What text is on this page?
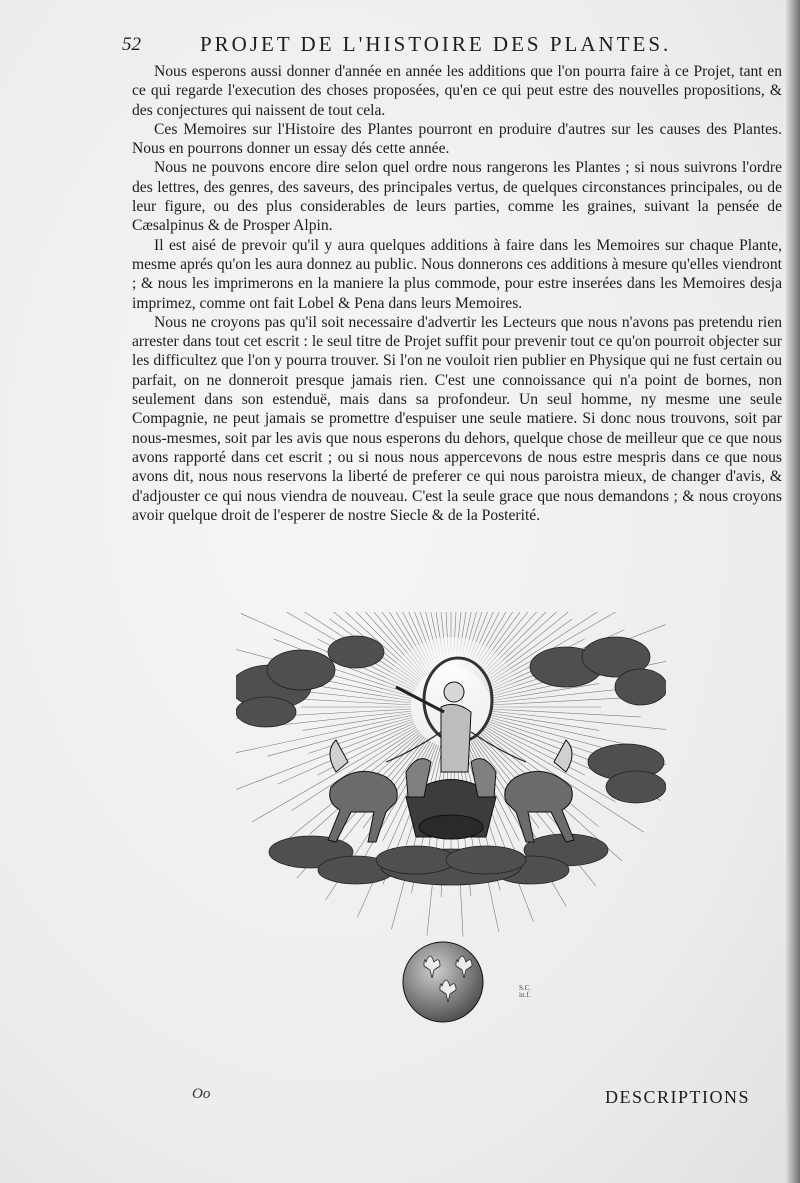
52	PROJET DE L'HISTOIRE DES PLANTES.

Nous esperons aussi donner d'année en année les additions que l'on pourra faire à ce Projet, tant en ce qui regarde l'execution des choses proposées, qu'en ce qui peut estre des nouvelles propositions, & des conjectures qui naissent de tout cela.

Ces Memoires sur l'Histoire des Plantes pourront en produire d'autres sur les causes des Plantes. Nous en pourrons donner un essay dés cette année.

Nous ne pouvons encore dire selon quel ordre nous rangerons les Plantes ; si nous suivrons l'ordre des lettres, des genres, des saveurs, des principales vertus, de quelques circonstances principales, ou de leur figure, ou des plus considerables de leurs parties, comme les graines, suivant la pensée de Cæsalpinus & de Prosper Alpin.

Il est aisé de prevoir qu'il y aura quelques additions à faire dans les Memoires sur chaque Plante, mesme aprés qu'on les aura donnez au public. Nous donnerons ces additions à mesure qu'elles viendront ; & nous les imprimerons en la maniere la plus commode, pour estre inserées dans les Memoires desja imprimez, comme ont fait Lobel & Pena dans leurs Memoires.

Nous ne croyons pas qu'il soit necessaire d'advertir les Lecteurs que nous n'avons pas pretendu rien arrester dans tout cet escrit : le seul titre de Projet suffit pour prevenir tout ce qu'on pourroit objecter sur les difficultez que l'on y pourra trouver. Si l'on ne vouloit rien publier en Physique qui ne fust certain ou parfait, on ne donneroit presque jamais rien. C'est une connoissance qui n'a point de bornes, non seulement dans son estenduë, mais dans sa profondeur. Un seul homme, ny mesme une seule Compagnie, ne peut jamais se promettre d'espuiser une seule matiere. Si donc nous trouvons, soit par nous-mesmes, soit par les avis que nous esperons du dehors, quelque chose de meilleur que ce que nous avons rapporté dans cet escrit ; ou si nous nous appercevons de nous estre mespris dans ce que nous avons dit, nous nous reservons la liberté de preferer ce qui nous paroistra mieux, de changer d'avis, & d'adjouster ce qui nous viendra de nouveau. C'est la seule grace que nous demandons ; & nous croyons avoir quelque droit de l'esperer de nostre Siecle & de la Posterité.

S.C.
in.f.
Oo	DESCRIPTIONS
